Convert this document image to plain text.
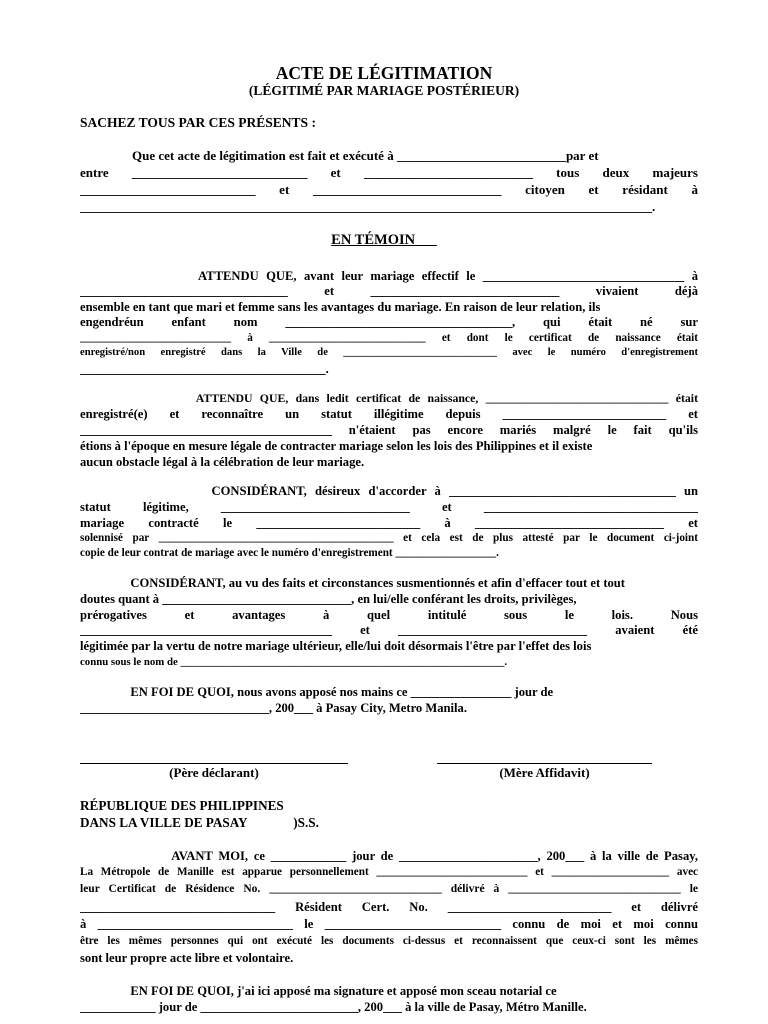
ACTE DE LÉGITIMATION
(LÉGITIMÉ PAR MARIAGE POSTÉRIEUR)
EN TÉMOIN
SACHEZ TOUS PAR CES PRÉSENTS :
Que cet acte de légitimation est fait et exécuté à __________________________par et
entre ___________________________ et __________________________ tous deux majeurs
___________________________ et _____________________________ citoyen et résidant à
________________________________________________________________________________________.
ATTENDU QUE, avant leur mariage effectif le ________________________________ à
_________________________________ et ______________________________ vivaient déjà
ensemble en tant que mari et femme sans les avantages du mariage. En raison de leur relation, ils
engendréun enfant nom ____________________________________, qui était né sur
___________________________ à ____________________________ et dont le certificat de naissance était
enregistré/non enregistré dans la Ville de _____________________________ avec le numéro d'enregistrement
_______________________________________.
ATTENDU QUE, dans ledit certificat de naissance, _______________________________ était
enregistré(e) et reconnaître un statut illégitime depuis __________________________ et
________________________________________ n'étaient pas encore mariés malgré le fait qu'ils
étions à l'époque en mesure légale de contracter mariage selon les lois des Philippines et il existe
aucun obstacle légal à la célébration de leur mariage.
CONSIDÉRANT, désireux d'accorder à ____________________________________ un
statut légitime, ______________________________ et __________________________________
mariage contracté le __________________________ à ______________________________ et
solennisé par __________________________________________ et cela est de plus attesté par le document ci-joint
copie de leur contrat de mariage avec le numéro d'enregistrement __________________.
CONSIDÉRANT, au vu des faits et circonstances susmentionnés et afin d'effacer tout et tout
doutes quant à ______________________________, en lui/elle conférant les droits, privilèges,
prérogatives et avantages à quel intitulé sous le lois. Nous
________________________________________ et ______________________________ avaient été
légitimée par la vertu de notre mariage ultérieur, elle/lui doit désormais l'être par l'effet des lois
connu sous le nom de ____________________________________________________________.
EN FOI DE QUOI, nous avons apposé nos mains ce ________________ jour de
______________________________, 200___ à Pasay City, Metro Manila.
RÉPUBLIQUE DES PHILIPPINES
DANS LA VILLE DE PASAY              )S.S.
AVANT MOI, ce ____________ jour de ______________________, 200___ à la ville de Pasay,
La Métropole de Manille est apparue personnellement ___________________________ et _____________________ avec
leur Certificat de Résidence No. ______________________________ délivré à ______________________________ le
_______________________________ Résident Cert. No. __________________________ et délivré
à _______________________________ le ____________________________ connu de moi et moi connu
être les mêmes personnes qui ont exécuté les documents ci-dessus et reconnaissent que ceux-ci sont les mêmes
sont leur propre acte libre et volontaire.
EN FOI DE QUOI, j'ai ici apposé ma signature et apposé mon sceau notarial ce
____________ jour de _________________________, 200___ à la ville de Pasay, Métro Manille.
(Père déclarant)	(Mère Affidavit)
